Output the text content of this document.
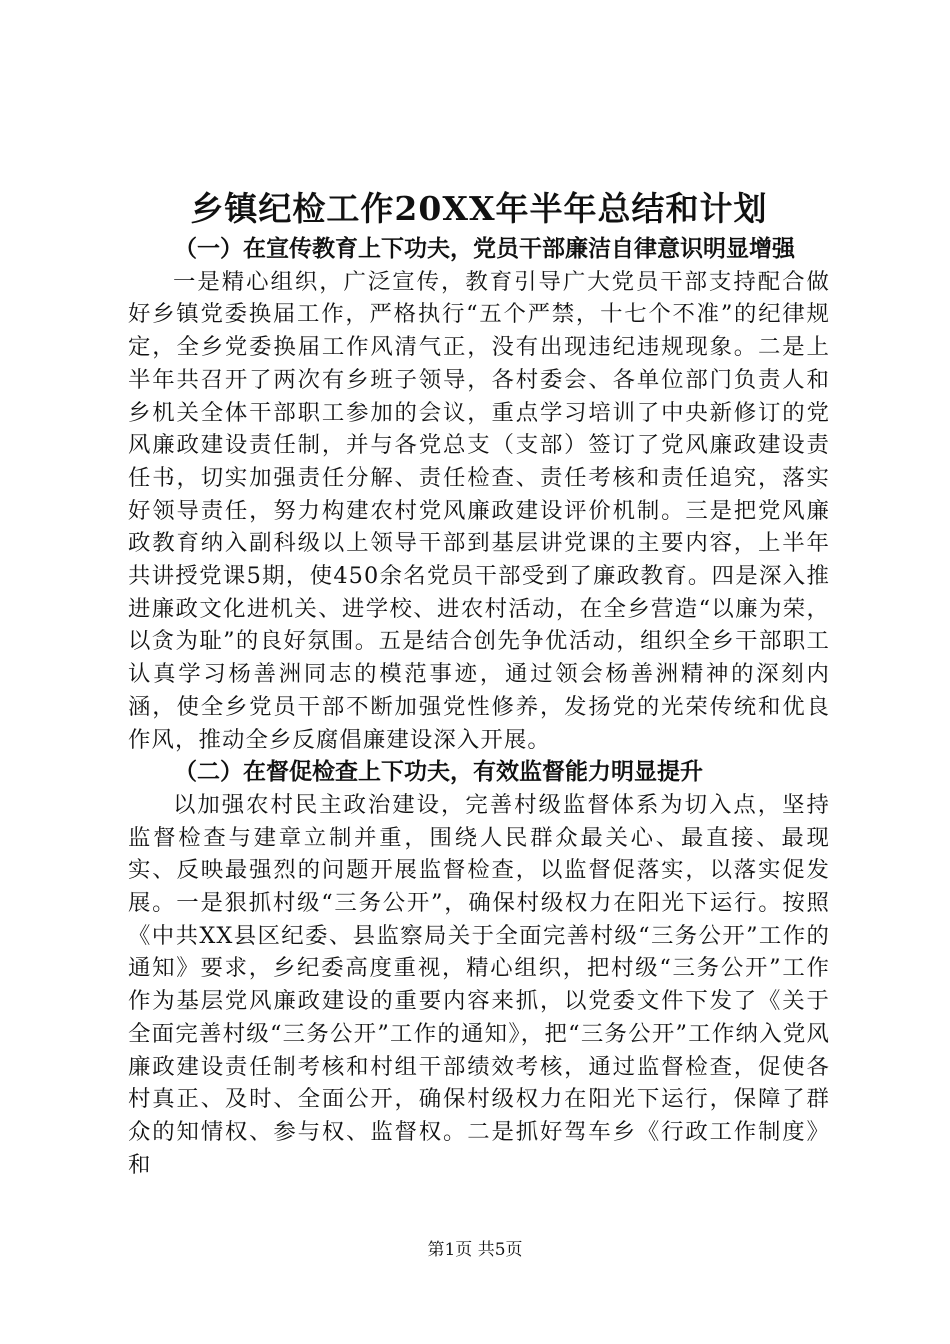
乡镇纪检工作20XX年半年总结和计划
（一）在宣传教育上下功夫，党员干部廉洁自律意识明显增强

一是精心组织，广泛宣传，教育引导广大党员干部支持配合做好乡镇党委换届工作，严格执行“五个严禁，十七个不准”的纪律规定，全乡党委换届工作风清气正，没有出现违纪违规现象。二是上半年共召开了两次有乡班子领导，各村委会、各单位部门负责人和乡机关全体干部职工参加的会议，重点学习培训了中央新修订的党风廉政建设责任制，并与各党总支（支部）签订了党风廉政建设责任书，切实加强责任分解、责任检查、责任考核和责任追究，落实好领导责任，努力构建农村党风廉政建设评价机制。三是把党风廉政教育纳入副科级以上领导干部到基层讲党课的主要内容，上半年共讲授党课5期，使450余名党员干部受到了廉政教育。四是深入推进廉政文化进机关、进学校、进农村活动，在全乡营造“以廉为荣，以贪为耻”的良好氛围。五是结合创先争优活动，组织全乡干部职工认真学习杨善洲同志的模范事迹，通过领会杨善洲精神的深刻内涵，使全乡党员干部不断加强党性修养，发扬党的光荣传统和优良作风，推动全乡反腐倡廉建设深入开展。

（二）在督促检查上下功夫，有效监督能力明显提升

以加强农村民主政治建设，完善村级监督体系为切入点，坚持监督检查与建章立制并重，围绕人民群众最关心、最直接、最现实、反映最强烈的问题开展监督检查，以监督促落实，以落实促发展。一是狠抓村级“三务公开”，确保村级权力在阳光下运行。按照《中共XX县区纪委、县监察局关于全面完善村级“三务公开”工作的通知》要求，乡纪委高度重视，精心组织，把村级“三务公开”工作作为基层党风廉政建设的重要内容来抓，以党委文件下发了《关于全面完善村级“三务公开”工作的通知》，把“三务公开”工作纳入党风廉政建设责任制考核和村组干部绩效考核，通过监督检查，促使各村真正、及时、全面公开，确保村级权力在阳光下运行，保障了群众的知情权、参与权、监督权。二是抓好驾车乡《行政工作制度》和

第1页 共5页
